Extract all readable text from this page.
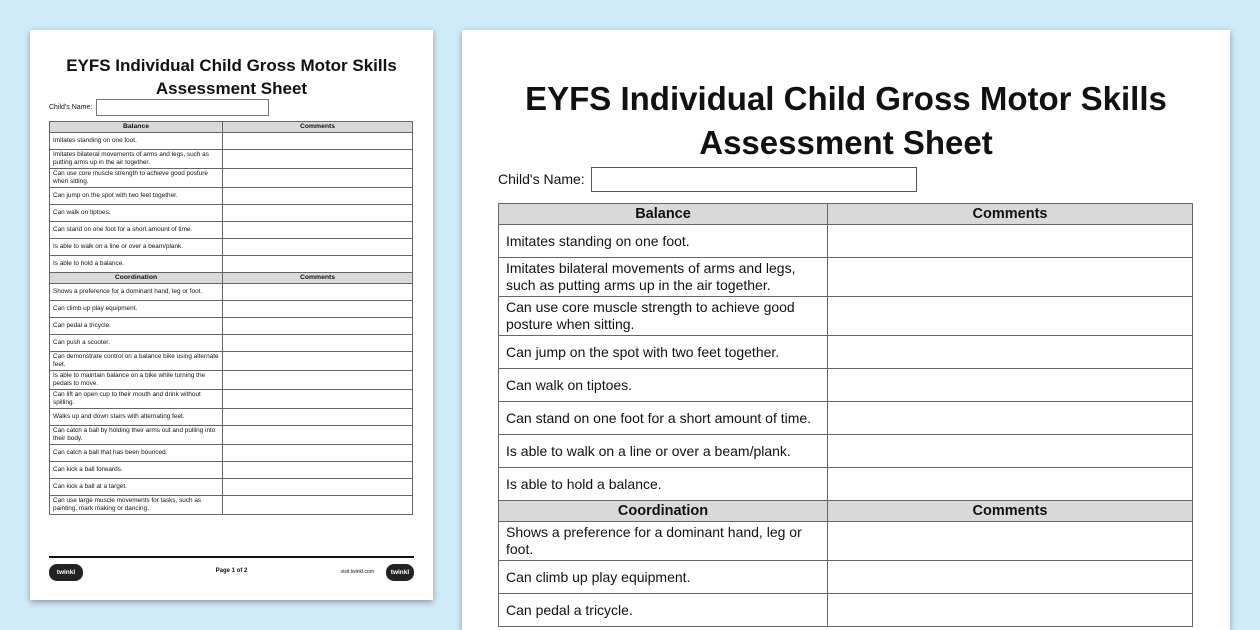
EYFS Individual Child Gross Motor Skills
Assessment Sheet
Child's Name:
Balance	Comments
Imitates standing on one foot.	
Imitates bilateral movements of arms and legs, such as putting arms up in the air together.	
Can use core muscle strength to achieve good posture when sitting.	
Can jump on the spot with two feet together.	
Can walk on tiptoes.	
Can stand on one foot for a short amount of time.	
Is able to walk on a line or over a beam/plank.	
Is able to hold a balance.	
Coordination	Comments
Shows a preference for a dominant hand, leg or foot.	
Can climb up play equipment.	
Can pedal a tricycle.	
Can push a scooter.	
Can demonstrate control on a balance bike using alternate feet.	
Is able to maintain balance on a bike while turning the pedals to move.	
Can lift an open cup to their mouth and drink without spilling.	
Walks up and down stairs with alternating feet.	
Can catch a ball by holding their arms out and pulling into their body.	
Can catch a ball that has been bounced.	
Can kick a ball forwards.	
Can kick a ball at a target.	
Can use large muscle movements for tasks, such as painting, mark making or dancing.	
twinkl	Page 1 of 2	visit twinkl.com	twinkl
EYFS Individual Child Gross Motor Skills
Assessment Sheet
Child's Name:
Balance	Comments
Imitates standing on one foot.	
Imitates bilateral movements of arms and legs, such as putting arms up in the air together.	
Can use core muscle strength to achieve good posture when sitting.	
Can jump on the spot with two feet together.	
Can walk on tiptoes.	
Can stand on one foot for a short amount of time.	
Is able to walk on a line or over a beam/plank.	
Is able to hold a balance.	
Coordination	Comments
Shows a preference for a dominant hand, leg or foot.	
Can climb up play equipment.	
Can pedal a tricycle.	
